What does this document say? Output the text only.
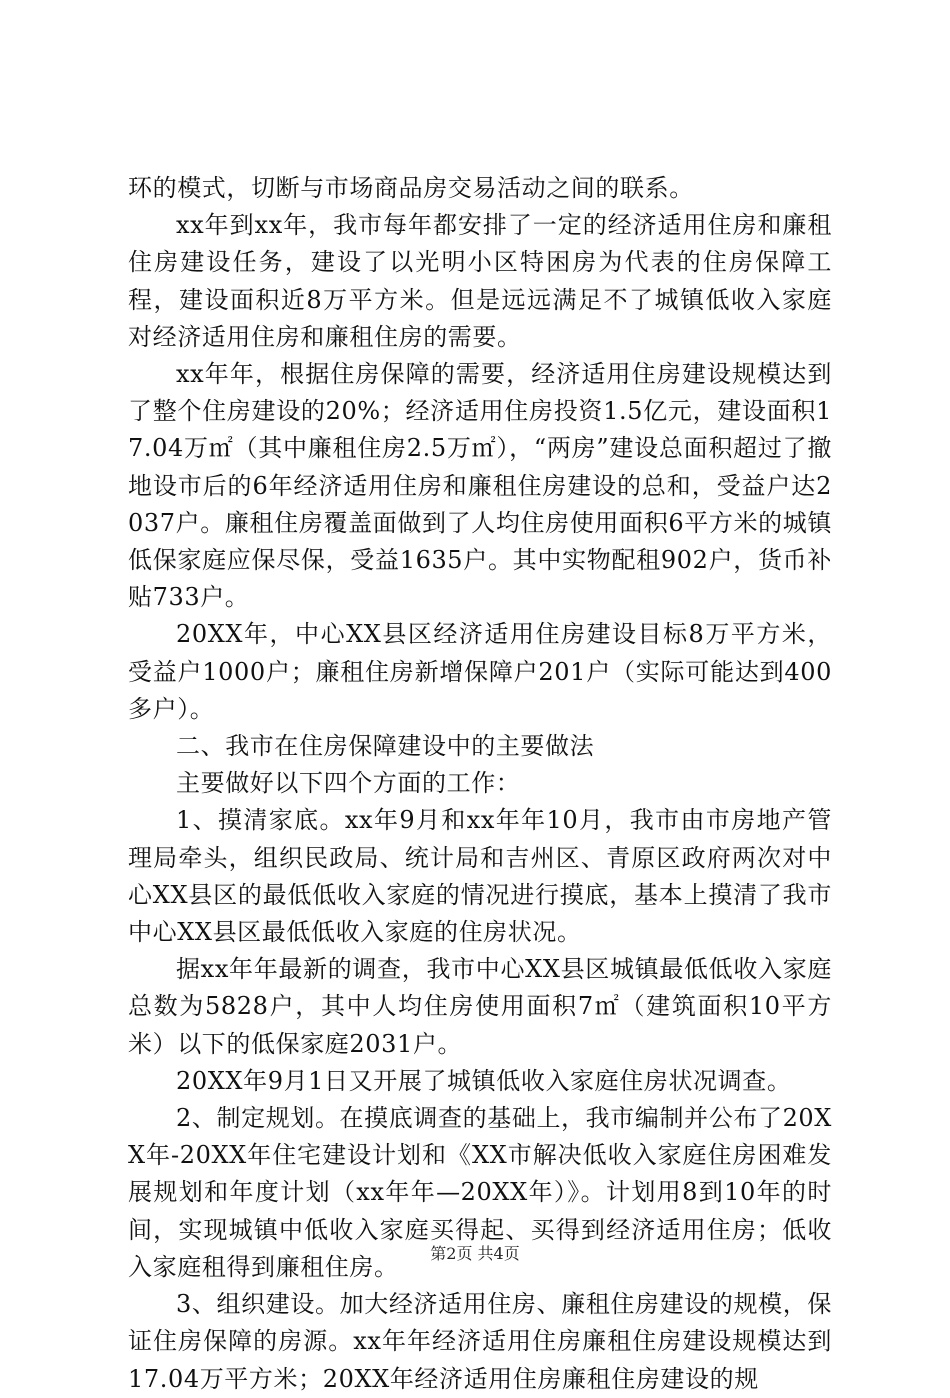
环的模式，切断与市场商品房交易活动之间的联系。

xx年到xx年，我市每年都安排了一定的经济适用住房和廉租住房建设任务，建设了以光明小区特困房为代表的住房保障工程，建设面积近8万平方米。但是远远满足不了城镇低收入家庭对经济适用住房和廉租住房的需要。

xx年年，根据住房保障的需要，经济适用住房建设规模达到了整个住房建设的20%；经济适用住房投资1.5亿元，建设面积17.04万㎡（其中廉租住房2.5万㎡），“两房”建设总面积超过了撤地设市后的6年经济适用住房和廉租住房建设的总和，受益户达2037户。廉租住房覆盖面做到了人均住房使用面积6平方米的城镇低保家庭应保尽保，受益1635户。其中实物配租902户，货币补贴733户。

20XX年，中心XX县区经济适用住房建设目标8万平方米，受益户1000户；廉租住房新增保障户201户（实际可能达到400多户）。

二、我市在住房保障建设中的主要做法

主要做好以下四个方面的工作：

1、摸清家底。xx年9月和xx年年10月，我市由市房地产管理局牵头，组织民政局、统计局和吉州区、青原区政府两次对中心XX县区的最低低收入家庭的情况进行摸底，基本上摸清了我市中心XX县区最低低收入家庭的住房状况。

据xx年年最新的调查，我市中心XX县区城镇最低低收入家庭总数为5828户，其中人均住房使用面积7㎡（建筑面积10平方米）以下的低保家庭2031户。

20XX年9月1日又开展了城镇低收入家庭住房状况调查。

2、制定规划。在摸底调查的基础上，我市编制并公布了20XX年-20XX年住宅建设计划和《XX市解决低收入家庭住房困难发展规划和年度计划（xx年年—20XX年）》。计划用8到10年的时间，实现城镇中低收入家庭买得起、买得到经济适用住房；低收入家庭租得到廉租住房。

3、组织建设。加大经济适用住房、廉租住房建设的规模，保证住房保障的房源。xx年年经济适用住房廉租住房建设规模达到17.04万平方米；20XX年经济适用住房廉租住房建设的规

第2页 共4页
